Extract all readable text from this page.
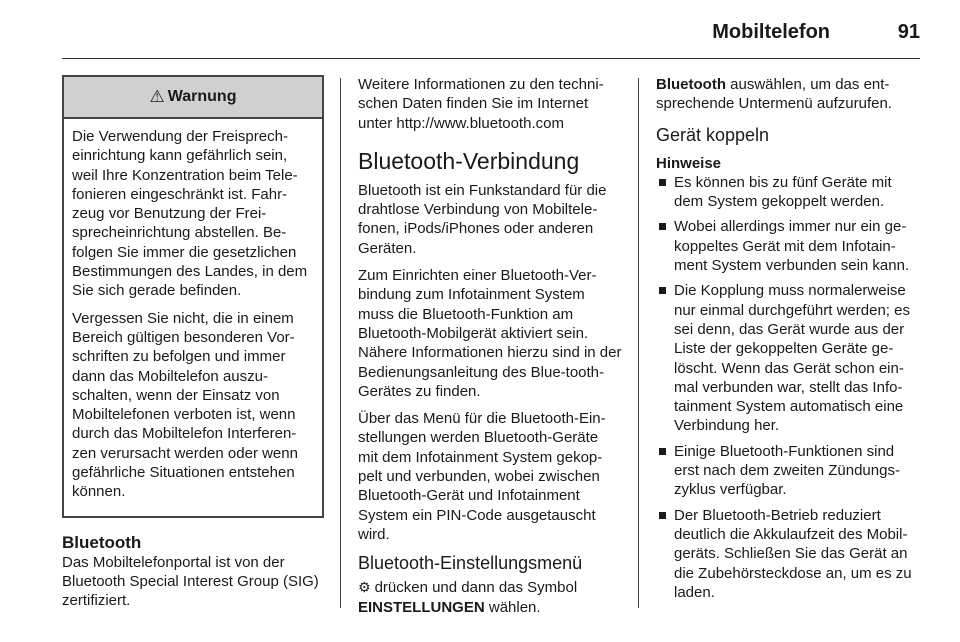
Mobiltelefon	91
⚠ Warnung

Die Verwendung der Freisprech-einrichtung kann gefährlich sein, weil Ihre Konzentration beim Tele-fonieren eingeschränkt ist. Fahr-zeug vor Benutzung der Frei-sprecheinrichtung abstellen. Be-folgen Sie immer die gesetzlichen Bestimmungen des Landes, in dem Sie sich gerade befinden.

Vergessen Sie nicht, die in einem Bereich gültigen besonderen Vor-schriften zu befolgen und immer dann das Mobiltelefon auszu-schalten, wenn der Einsatz von Mobiltelefonen verboten ist, wenn durch das Mobiltelefon Interferen-zen verursacht werden oder wenn gefährliche Situationen entstehen können.

Bluetooth

Das Mobiltelefonportal ist von der Bluetooth Special Interest Group (SIG) zertifiziert.

Weitere Informationen zu den techni-schen Daten finden Sie im Internet unter http://www.bluetooth.com

Bluetooth-Verbindung

Bluetooth ist ein Funkstandard für die drahtlose Verbindung von Mobiltele-fonen, iPods/iPhones oder anderen Geräten.

Zum Einrichten einer Bluetooth-Ver-bindung zum Infotainment System muss die Bluetooth-Funktion am Bluetooth-Mobilgerät aktiviert sein. Nähere Informationen hierzu sind in der Bedienungsanleitung des Blue-tooth-Gerätes zu finden.

Über das Menü für die Bluetooth-Ein-stellungen werden Bluetooth-Geräte mit dem Infotainment System gekop-pelt und verbunden, wobei zwischen Bluetooth-Gerät und Infotainment System ein PIN-Code ausgetauscht wird.

Bluetooth-Einstellungsmenü

⚙ drücken und dann das Symbol
EINSTELLUNGEN wählen.

Bluetooth auswählen, um das ent-sprechende Untermenü aufzurufen.

Gerät koppeln
Hinweise
Es können bis zu fünf Geräte mit dem System gekoppelt werden.
Wobei allerdings immer nur ein ge-koppeltes Gerät mit dem Infotain-ment System verbunden sein kann.
Die Kopplung muss normalerweise nur einmal durchgeführt werden; es sei denn, das Gerät wurde aus der Liste der gekoppelten Geräte ge-löscht. Wenn das Gerät schon ein-mal verbunden war, stellt das Info-tainment System automatisch eine Verbindung her.
Einige Bluetooth-Funktionen sind erst nach dem zweiten Zündungs-zyklus verfügbar.
Der Bluetooth-Betrieb reduziert deutlich die Akkulaufzeit des Mobil-geräts. Schließen Sie das Gerät an die Zubehörsteckdose an, um es zu laden.
